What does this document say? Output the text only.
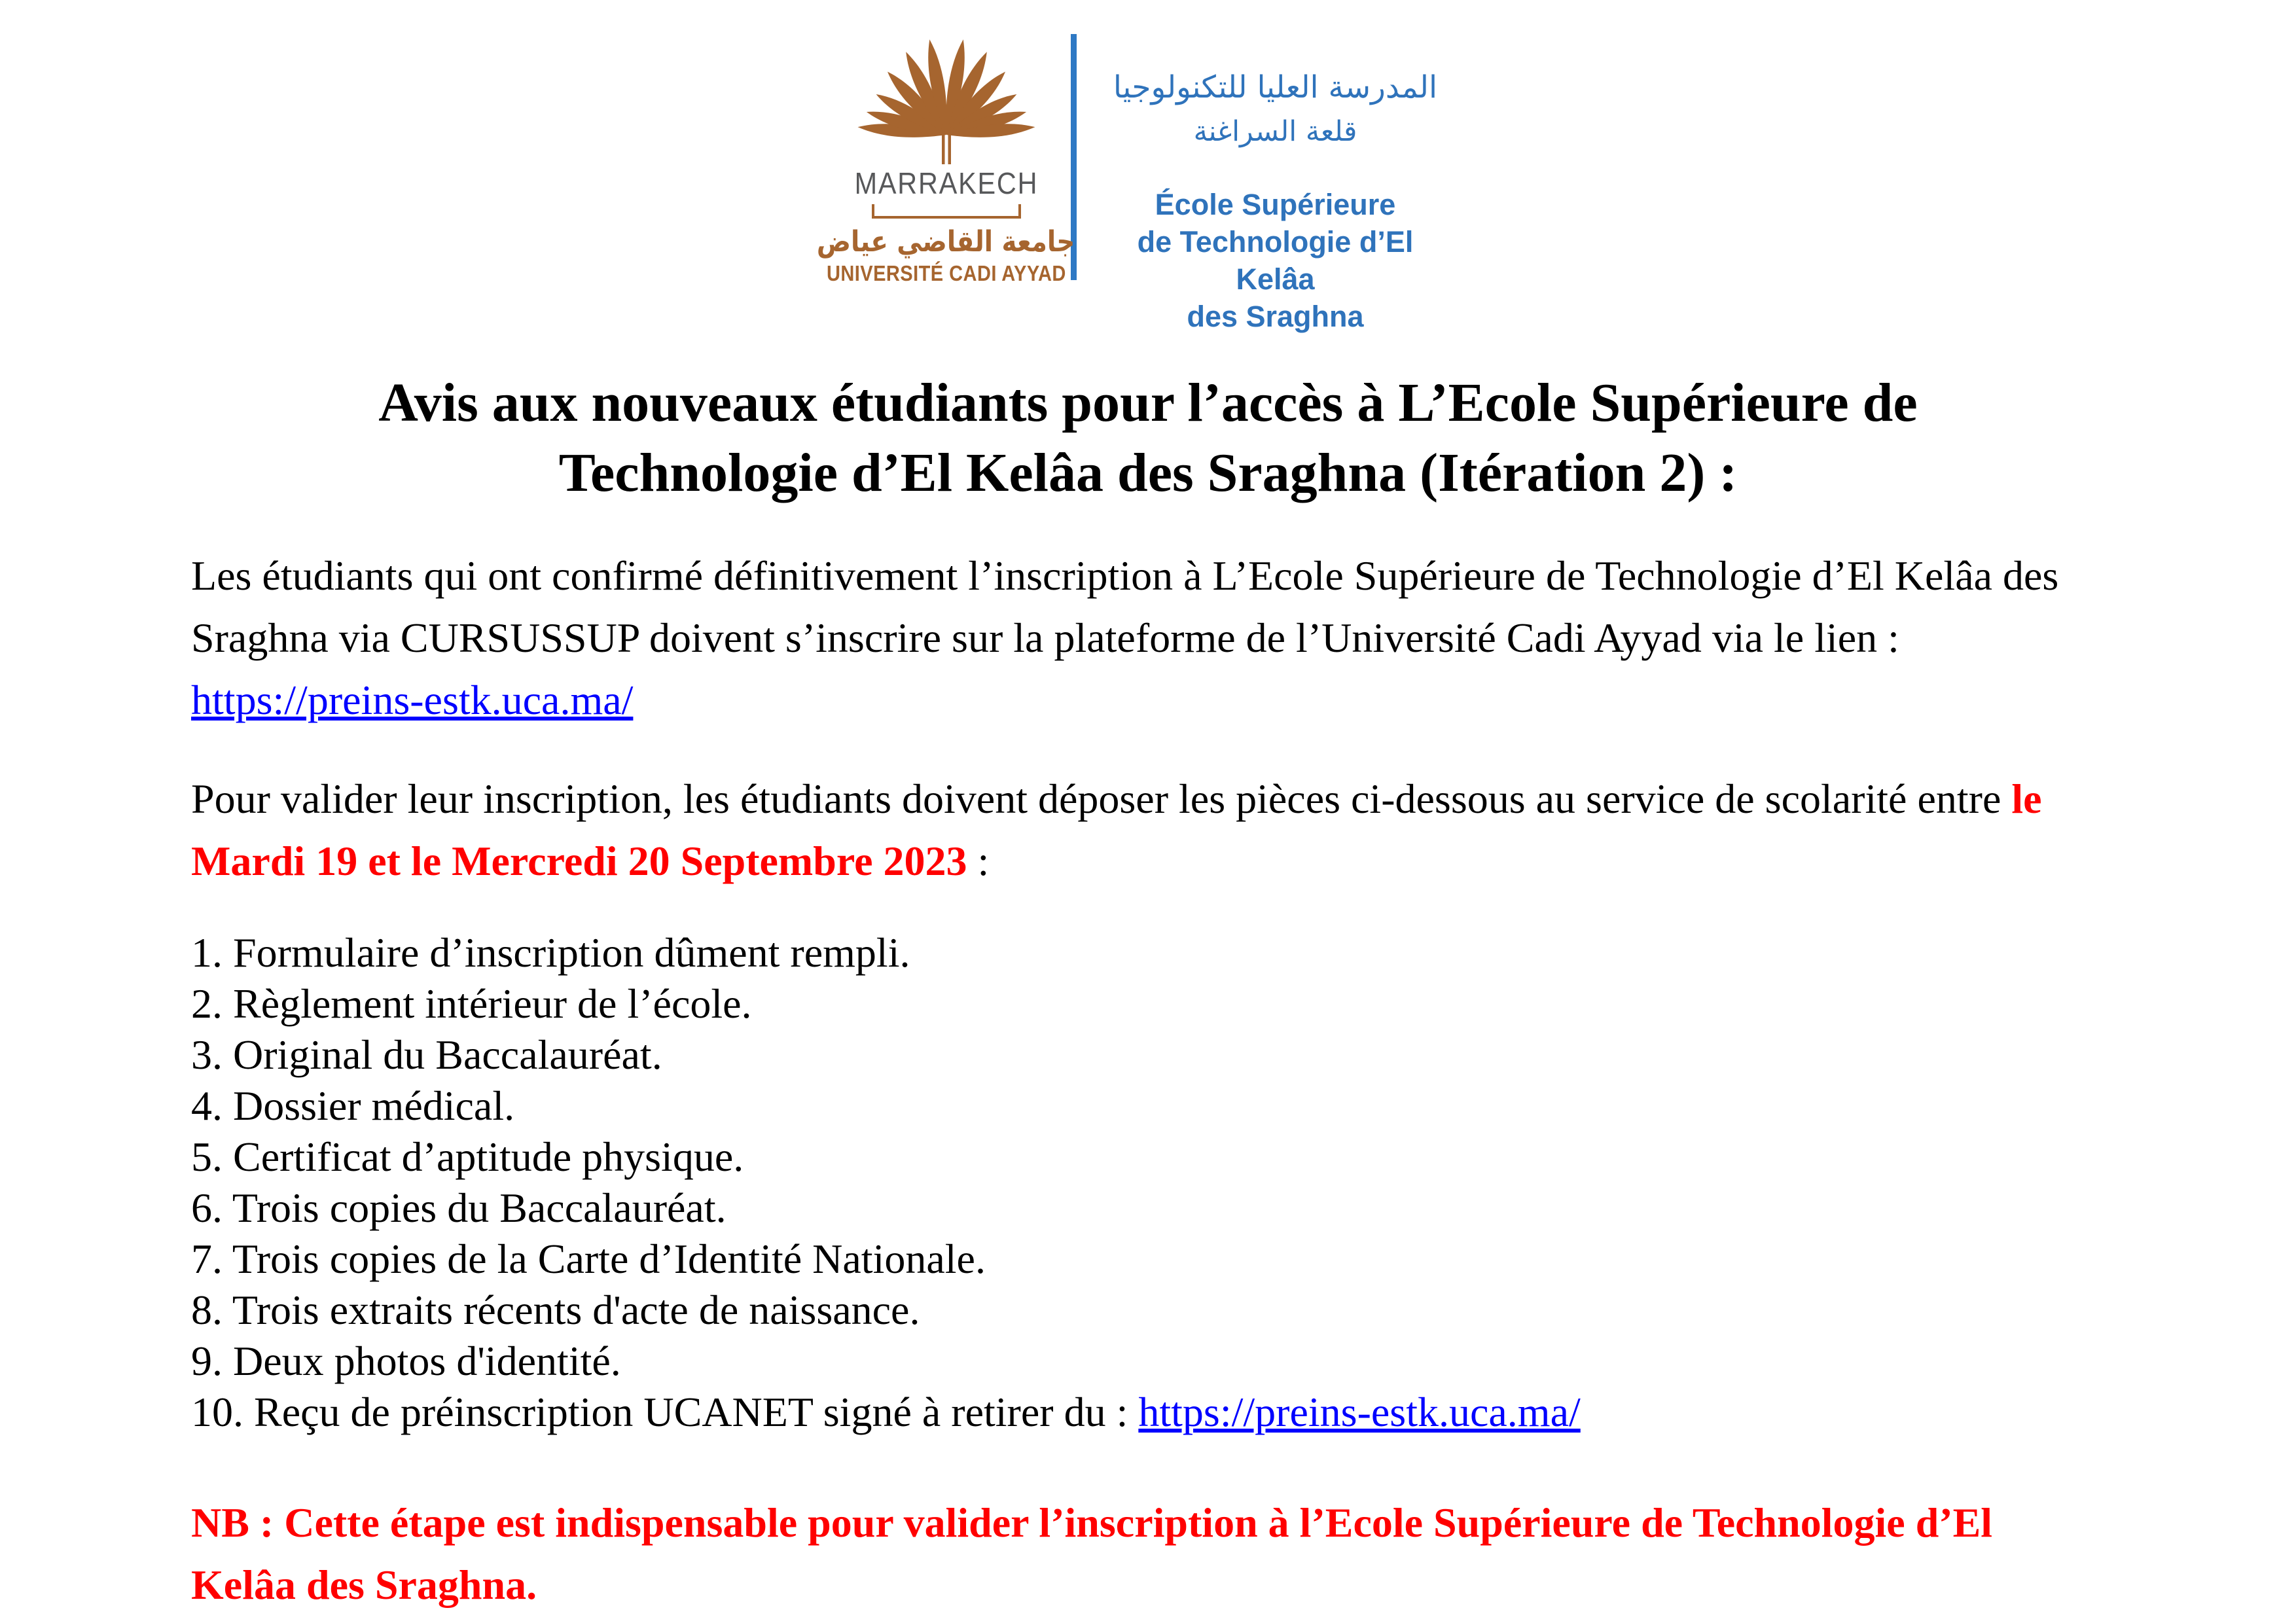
MARRAKECH
جامعة القاضي عياض
UNIVERSITÉ CADI AYYAD
المدرسة العليا للتكنولوجيا
قلعة السراغنة
École Supérieure
de Technologie d’El Kelâa
des Sraghna
Avis aux nouveaux étudiants pour l’accès à L’Ecole Supérieure de
Technologie d’El Kelâa des Sraghna (Itération 2) :

Les étudiants qui ont confirmé définitivement l’inscription à L’Ecole Supérieure de Technologie d’El Kelâa des Sraghna via CURSUSSUP doivent s’inscrire sur la plateforme de l’Université Cadi Ayyad via le lien : https://preins-estk.uca.ma/

Pour valider leur inscription, les étudiants doivent déposer les pièces ci-dessous au service de scolarité entre le Mardi 19 et le Mercredi 20 Septembre 2023 :

1. Formulaire d’inscription dûment rempli.
2. Règlement intérieur de l’école.
3. Original du Baccalauréat.
4. Dossier médical.
5. Certificat d’aptitude physique.
6. Trois copies du Baccalauréat.
7. Trois copies de la Carte d’Identité Nationale.
8. Trois extraits récents d'acte de naissance.
9. Deux photos d'identité.
10. Reçu de préinscription UCANET signé à retirer du : https://preins-estk.uca.ma/

NB : Cette étape est indispensable pour valider l’inscription à l’Ecole Supérieure de Technologie d’El Kelâa des Sraghna.
